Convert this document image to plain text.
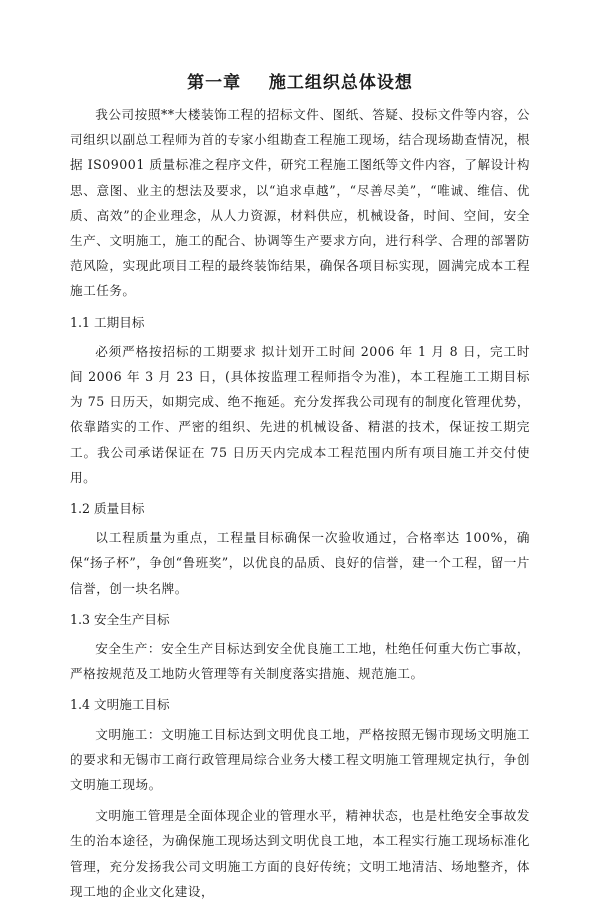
第一章    施工组织总体设想

我公司按照**大楼装饰工程的招标文件、图纸、答疑、投标文件等内容，公司组织以副总工程师为首的专家小组勘查工程施工现场，结合现场勘查情况，根据 IS09001 质量标准之程序文件，研究工程施工图纸等文件内容，了解设计构思、意图、业主的想法及要求，以“追求卓越”，“尽善尽美”，“唯诚、维信、优质、高效”的企业理念，从人力资源，材料供应，机械设备，时间、空间，安全生产、文明施工，施工的配合、协调等生产要求方向，进行科学、合理的部署防范风险，实现此项目工程的最终装饰结果，确保各项目标实现，圆满完成本工程施工任务。

1.1 工期目标

必须严格按招标的工期要求 拟计划开工时间 2006 年 1 月 8 日，完工时间 2006 年 3 月 23 日，(具体按监理工程师指令为准)，本工程施工工期目标为 75 日历天，如期完成、绝不拖延。充分发挥我公司现有的制度化管理优势，依靠踏实的工作、严密的组织、先进的机械设备、精湛的技术，保证按工期完工。我公司承诺保证在 75 日历天内完成本工程范围内所有项目施工并交付使用。

1.2 质量目标

以工程质量为重点，工程量目标确保一次验收通过，合格率达 100%，确保“扬子杯”，争创“鲁班奖”，以优良的品质、良好的信誉，建一个工程，留一片信誉，创一块名牌。

1.3 安全生产目标

安全生产：安全生产目标达到安全优良施工工地，杜绝任何重大伤亡事故，严格按规范及工地防火管理等有关制度落实措施、规范施工。

1.4 文明施工目标

文明施工：文明施工目标达到文明优良工地，严格按照无锡市现场文明施工的要求和无锡市工商行政管理局综合业务大楼工程文明施工管理规定执行，争创文明施工现场。

文明施工管理是全面体现企业的管理水平，精神状态，也是杜绝安全事故发生的治本途径，为确保施工现场达到文明优良工地，本工程实行施工现场标准化管理，充分发扬我公司文明施工方面的良好传统；文明工地清洁、场地整齐，体现工地的企业文化建设，
